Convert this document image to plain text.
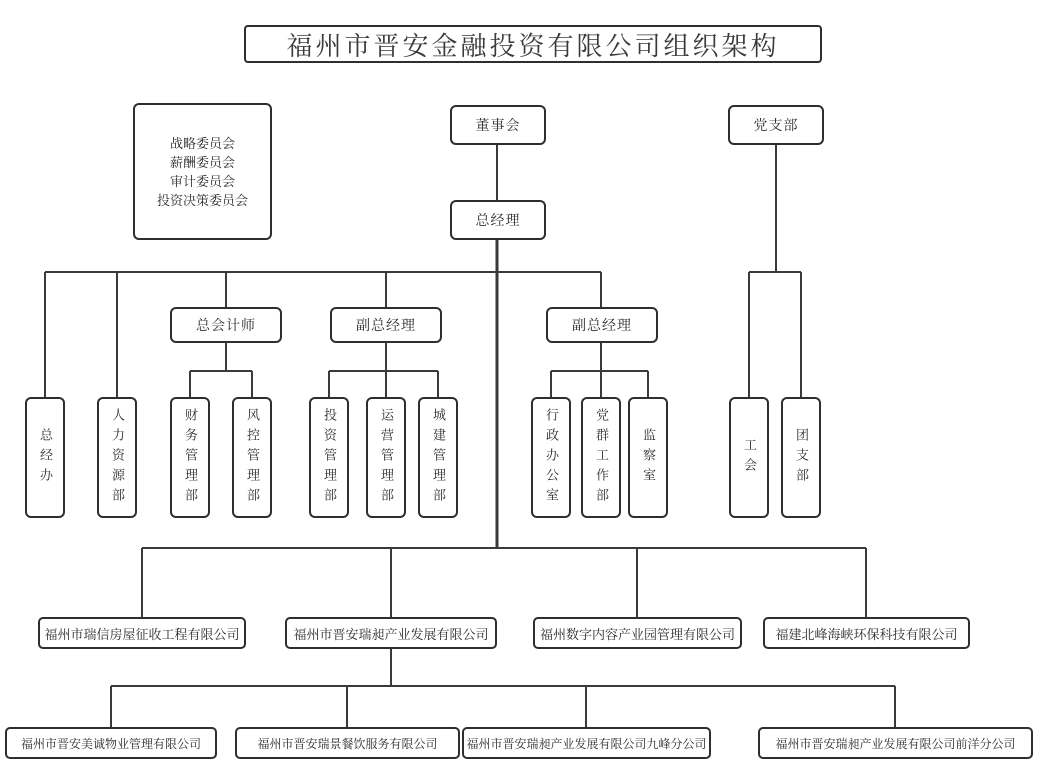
福州市晋安金融投资有限公司组织架构
战略委员会
薪酬委员会
审计委员会
投资决策委员会
董事会	党支部
总经理
总会计师	副总经理	副总经理
总经办	人力资源部	财务管理部	风控管理部	投资管理部	运营管理部	城建管理部	行政办公室	党群工作部	监察室	工会	团支部
福州市瑞信房屋征收工程有限公司	福州市晋安瑞昶产业发展有限公司	福州数字内容产业园管理有限公司	福建北峰海峡环保科技有限公司
福州市晋安美诚物业管理有限公司	福州市晋安瑞景餐饮服务有限公司	福州市晋安瑞昶产业发展有限公司九峰分公司	福州市晋安瑞昶产业发展有限公司前洋分公司
